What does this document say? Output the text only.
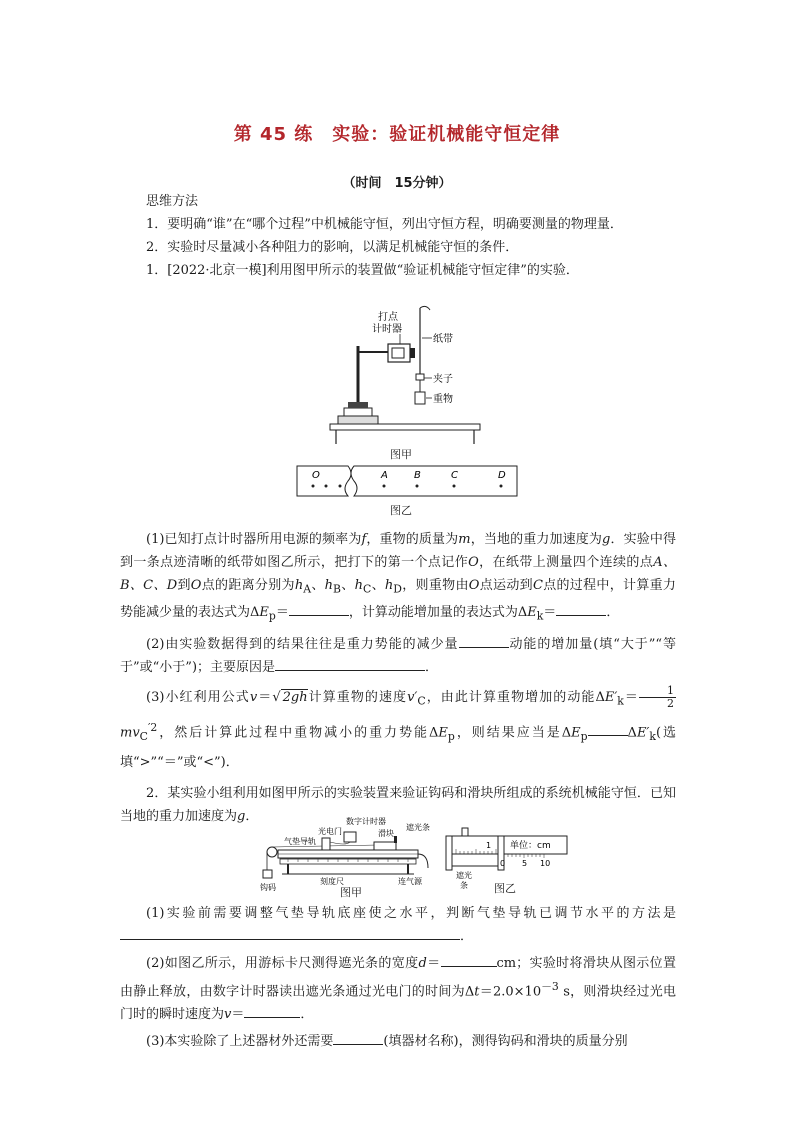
第 45 练　实验：验证机械能守恒定律
（时间　15分钟）

思维方法

1．要明确“谁”在“哪个过程”中机械能守恒，列出守恒方程，明确要测量的物理量．

2．实验时尽量减小各种阻力的影响，以满足机械能守恒的条件．

1．[2022·北京一模]利用图甲所示的装置做“验证机械能守恒定律”的实验．

打点
计时器
纸带
夹子
重物
图甲
O	A	B	C	D
图乙

(1)已知打点计时器所用电源的频率为f，重物的质量为m，当地的重力加速度为g．实验中得到一条点迹清晰的纸带如图乙所示，把打下的第一个点记作O，在纸带上测量四个连续的点A、B、C、D到O点的距离分别为$h_A$、$h_B$、$h_C$、$h_D$，则重物由O点运动到C点的过程中，计算重力势能减少量的表达式为$\Delta E_p=$	，计算动能增加量的表达式为$\Delta E_k=$	．

(2)由实验数据得到的结果往往是重力势能的减少量	动能的增加量(填“大于”“等于”或“小于”)；主要原因是	．

(3)小红利用公式v＝√ 2gh计算重物的速度$v'_C$，由此计算重物增加的动能$\Delta E'_k= \frac{1}{2}$
$mv_C^{'2}$，然后计算此过程中重物减小的重力势能$\Delta E_p$，则结果应当是$\Delta E_p$	$\Delta E'_k$(选填“>”“＝”或“<”)．

2．某实验小组利用如图甲所示的实验装置来验证钩码和滑块所组成的系统机械能守恒．已知当地的重力加速度为g．	数字计时器
光电门	滑块
遮光条
气垫导轨
刻度尺	连气源
钩码	图甲
单位：cm
1
0 5 10
遮光
条 图乙

(1)实验前需要调整气垫导轨底座使之水平，判断气垫导轨已调节水平的方法是．

(2)如图乙所示，用游标卡尺测得遮光条的宽度d＝	cm；实验时将滑块从图示位置由静止释放，由数字计时器读出遮光条通过光电门的时间为$\Delta t=2.0\times 10^{-3}$ s，则滑块经过光电门时的瞬时速度为v＝	．

(3)本实验除了上述器材外还需要	(填器材名称)，测得钩码和滑块的质量分别
